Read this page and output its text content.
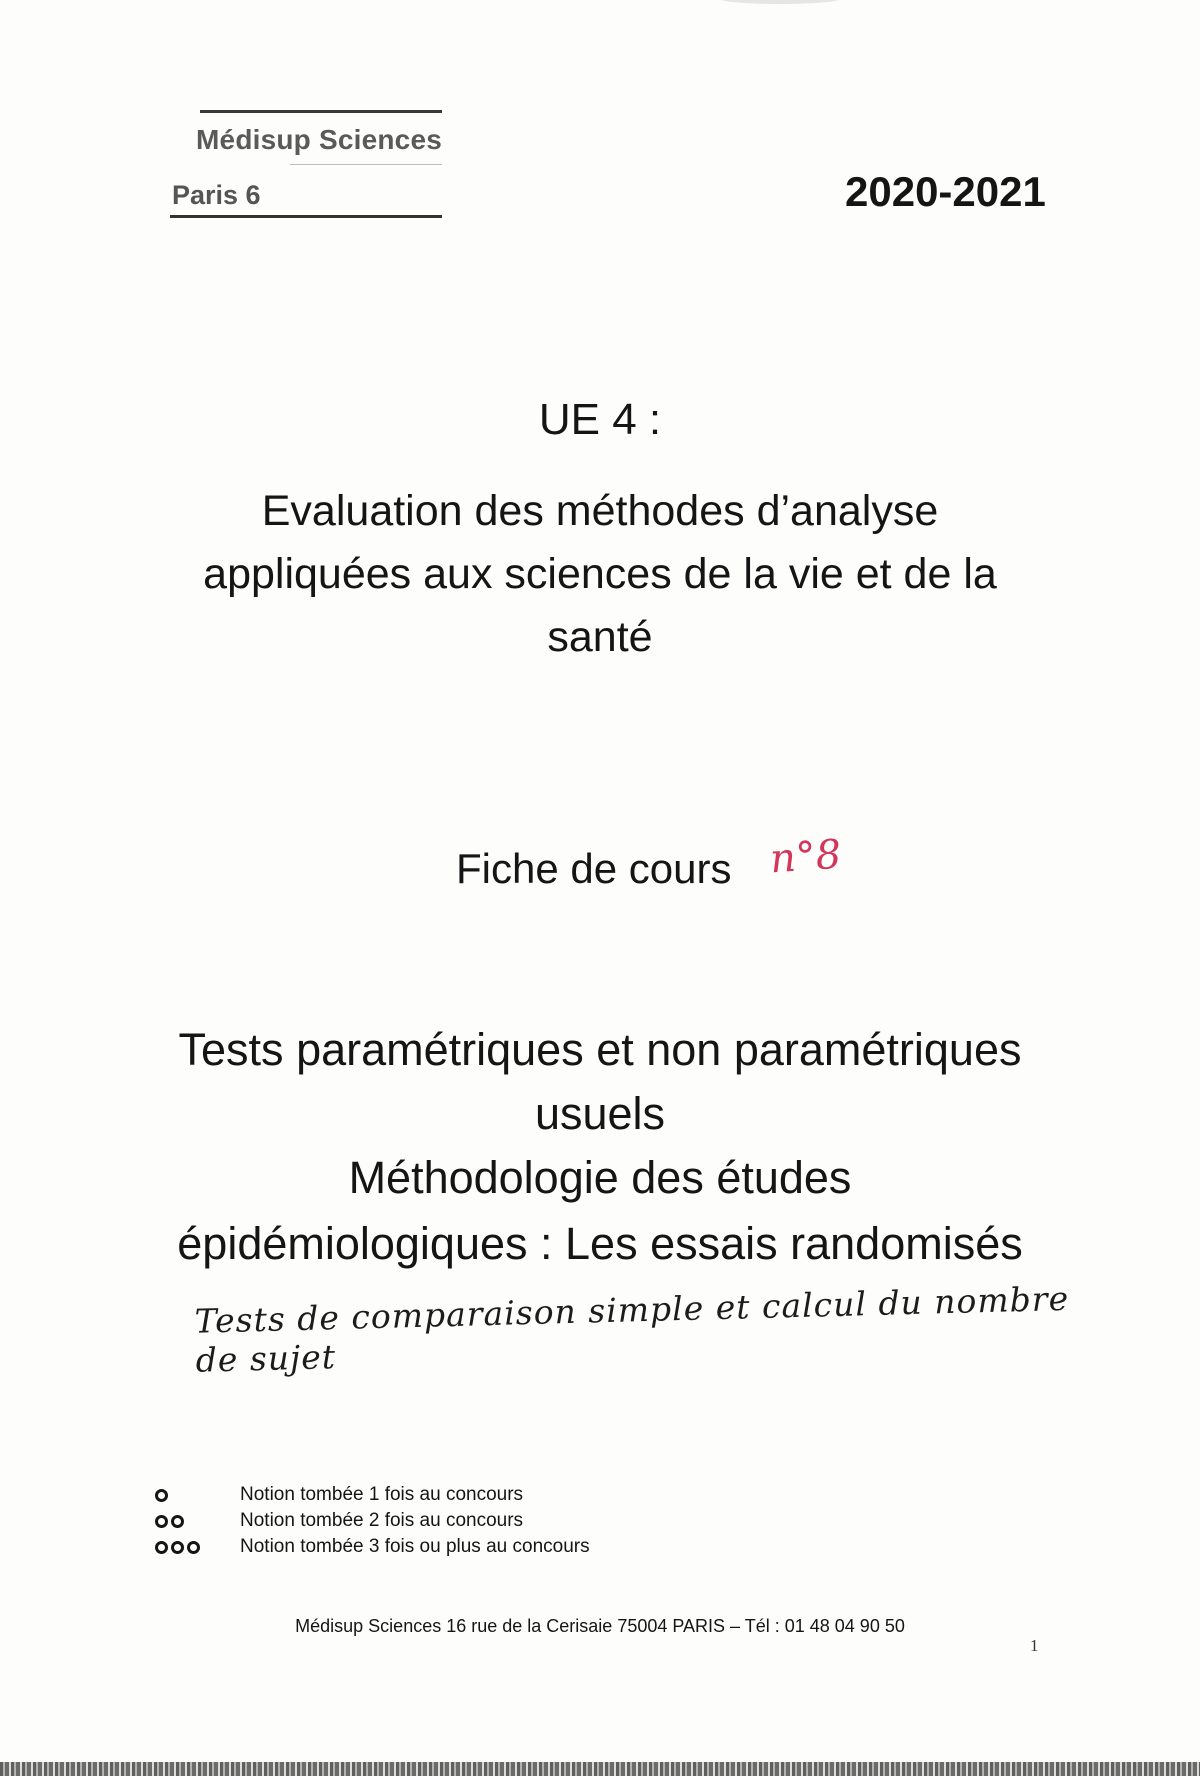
Médisup Sciences
Paris 6	2020-2021
UE 4 :
Evaluation des méthodes d’analyse
appliquées aux sciences de la vie et de la
santé
Fiche de cours n°8
Tests paramétriques et non paramétriques
usuels
Méthodologie des études
épidémiologiques : Les essais randomisés
Tests de comparaison simple et calcul du nombre de sujet
Notion tombée 1 fois au concours
Notion tombée 2 fois au concours
Notion tombée 3 fois ou plus au concours
Médisup Sciences 16 rue de la Cerisaie 75004 PARIS – Tél : 01 48 04 90 50
1
